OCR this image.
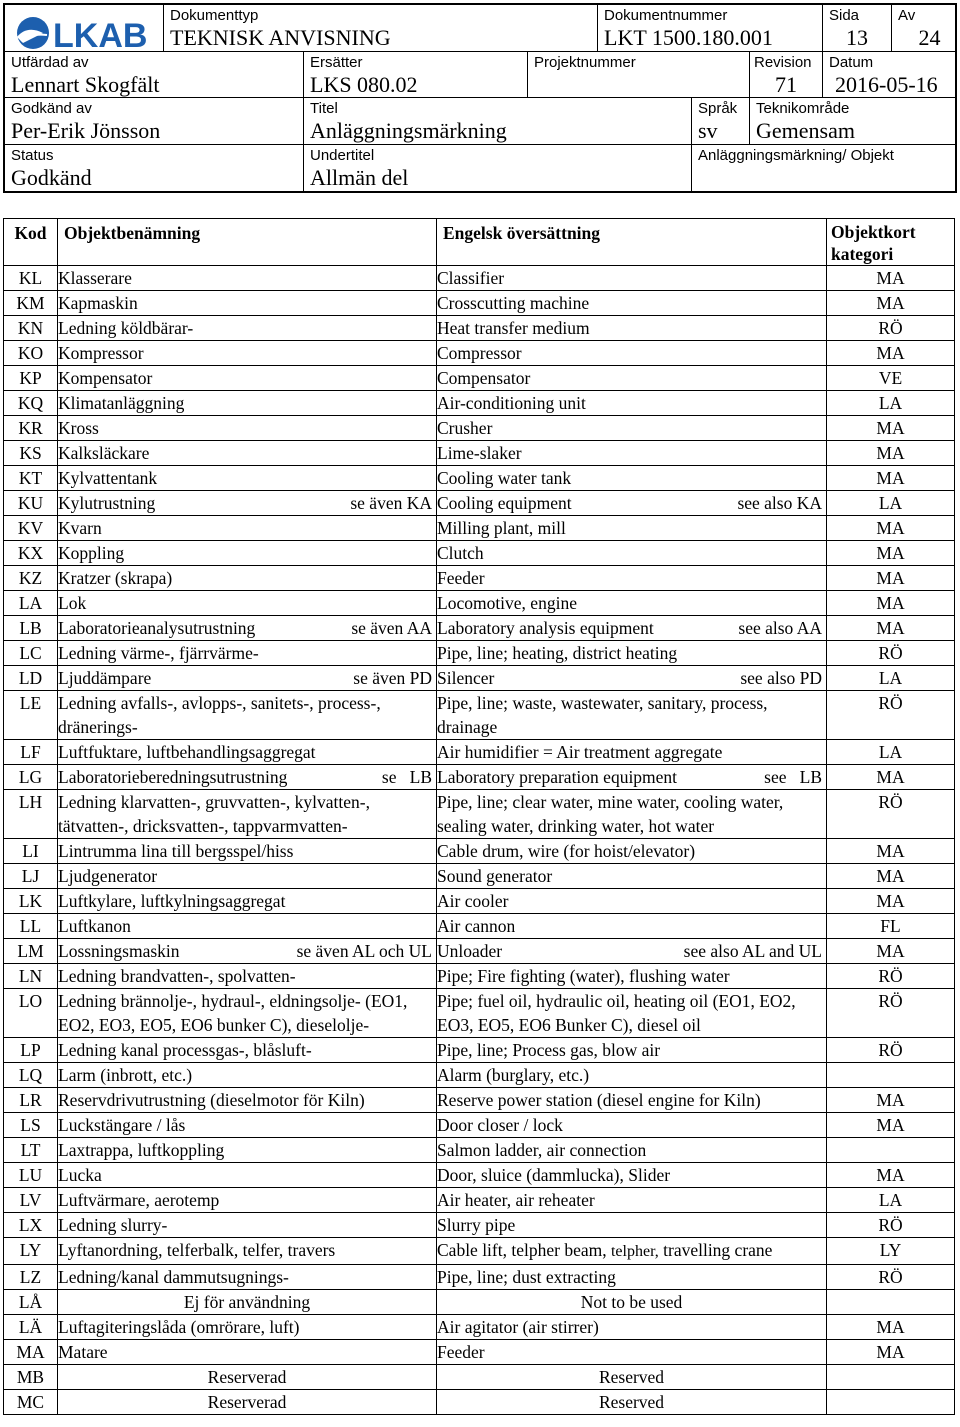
LKAB
Dokumenttyp
TEKNISK ANVISNING
Dokumentnummer
LKT 1500.180.001
Sida
13
Av
24
Utfärdad av
Lennart Skogfält
Ersätter
LKS 080.02
Projektnummer	Revision
71
Datum
2016-05-16
Godkänd av
Per-Erik Jönsson
Titel
Anläggningsmärkning
Språk
sv
Teknikområde
Gemensam
Status
Godkänd
Undertitel
Allmän del
Anläggningsmärkning/ Objekt
Kod	Objektbenämning	Engelsk översättning	Objektkort
kategori
KL	Klasserare	Classifier	MA
KM	Kapmaskin	Crosscutting machine	MA
KN	Ledning köldbärar-	Heat transfer medium	RÖ
KO	Kompressor	Compressor	MA
KP	Kompensator	Compensator	VE
KQ	Klimatanläggning	Air-conditioning unit	LA
KR	Kross	Crusher	MA
KS	Kalksläckare	Lime-slaker	MA
KT	Kylvattentank	Cooling water tank	MA
KU	Kylutrustning se även KA	Cooling equipment see also KA	LA
KV	Kvarn	Milling plant, mill	MA
KX	Koppling	Clutch	MA
KZ	Kratzer (skrapa)	Feeder	MA
LA	Lok	Locomotive, engine	MA
LB	Laboratorieanalysutrustning se även AA	Laboratory analysis equipment see also AA	MA
LC	Ledning värme-, fjärrvärme-	Pipe, line; heating, district heating	RÖ
LD	Ljuddämpare se även PD	Silencer see also PD	LA
LE	Ledning avfalls-, avlopps-, sanitets-, process-, dränerings-	Pipe, line; waste, wastewater, sanitary, process, drainage	RÖ
LF	Luftfuktare, luftbehandlingsaggregat	Air humidifier = Air treatment aggregate	LA
LG	Laboratorieberedningsutrustning se   LB	Laboratory preparation equipment see   LB	MA
LH	Ledning klarvatten-, gruvvatten-, kylvatten-, tätvatten-, dricksvatten-, tappvarmvatten-	Pipe, line; clear water, mine water, cooling water, sealing water, drinking water, hot water	RÖ
LI	Lintrumma lina till bergsspel/hiss	Cable drum, wire (for hoist/elevator)	MA
LJ	Ljudgenerator	Sound generator	MA
LK	Luftkylare, luftkylningsaggregat	Air cooler	MA
LL	Luftkanon	Air cannon	FL
LM	Lossningsmaskin se även AL och UL	Unloader see also AL and UL	MA
LN	Ledning brandvatten-, spolvatten-	Pipe; Fire fighting (water), flushing water	RÖ
LO	Ledning brännolje-, hydraul-, eldningsolje- (EO1, EO2, EO3, EO5, EO6 bunker C), dieselolje-	Pipe; fuel oil, hydraulic oil, heating oil (EO1, EO2, EO3, EO5, EO6 Bunker C), diesel oil	RÖ
LP	Ledning kanal processgas-, blåsluft-	Pipe, line; Process gas, blow air	RÖ
LQ	Larm (inbrott, etc.)	Alarm (burglary, etc.)	

LR	Reservdrivutrustning (dieselmotor för Kiln)	Reserve power station (diesel engine for Kiln)	MA
LS	Luckstängare / lås	Door closer / lock	MA
LT	Laxtrappa, luftkoppling	Salmon ladder, air connection	

LU	Lucka	Door, sluice (dammlucka), Slider	MA
LV	Luftvärmare, aerotemp	Air heater, air reheater	LA
LX	Ledning slurry-	Slurry pipe	RÖ
LY	Lyftanordning, telferbalk, telfer, travers	Cable lift, telpher beam, telpher, travelling crane	LY
LZ	Ledning/kanal dammutsugnings-	Pipe, line; dust extracting	RÖ
LÅ	Ej för användning	Not to be used	

LÄ	Luftagiteringslåda (omrörare, luft)	Air agitator (air stirrer)	MA
MA	Matare	Feeder	MA
MB	Reserverad	Reserved	

MC	Reserverad	Reserved	
